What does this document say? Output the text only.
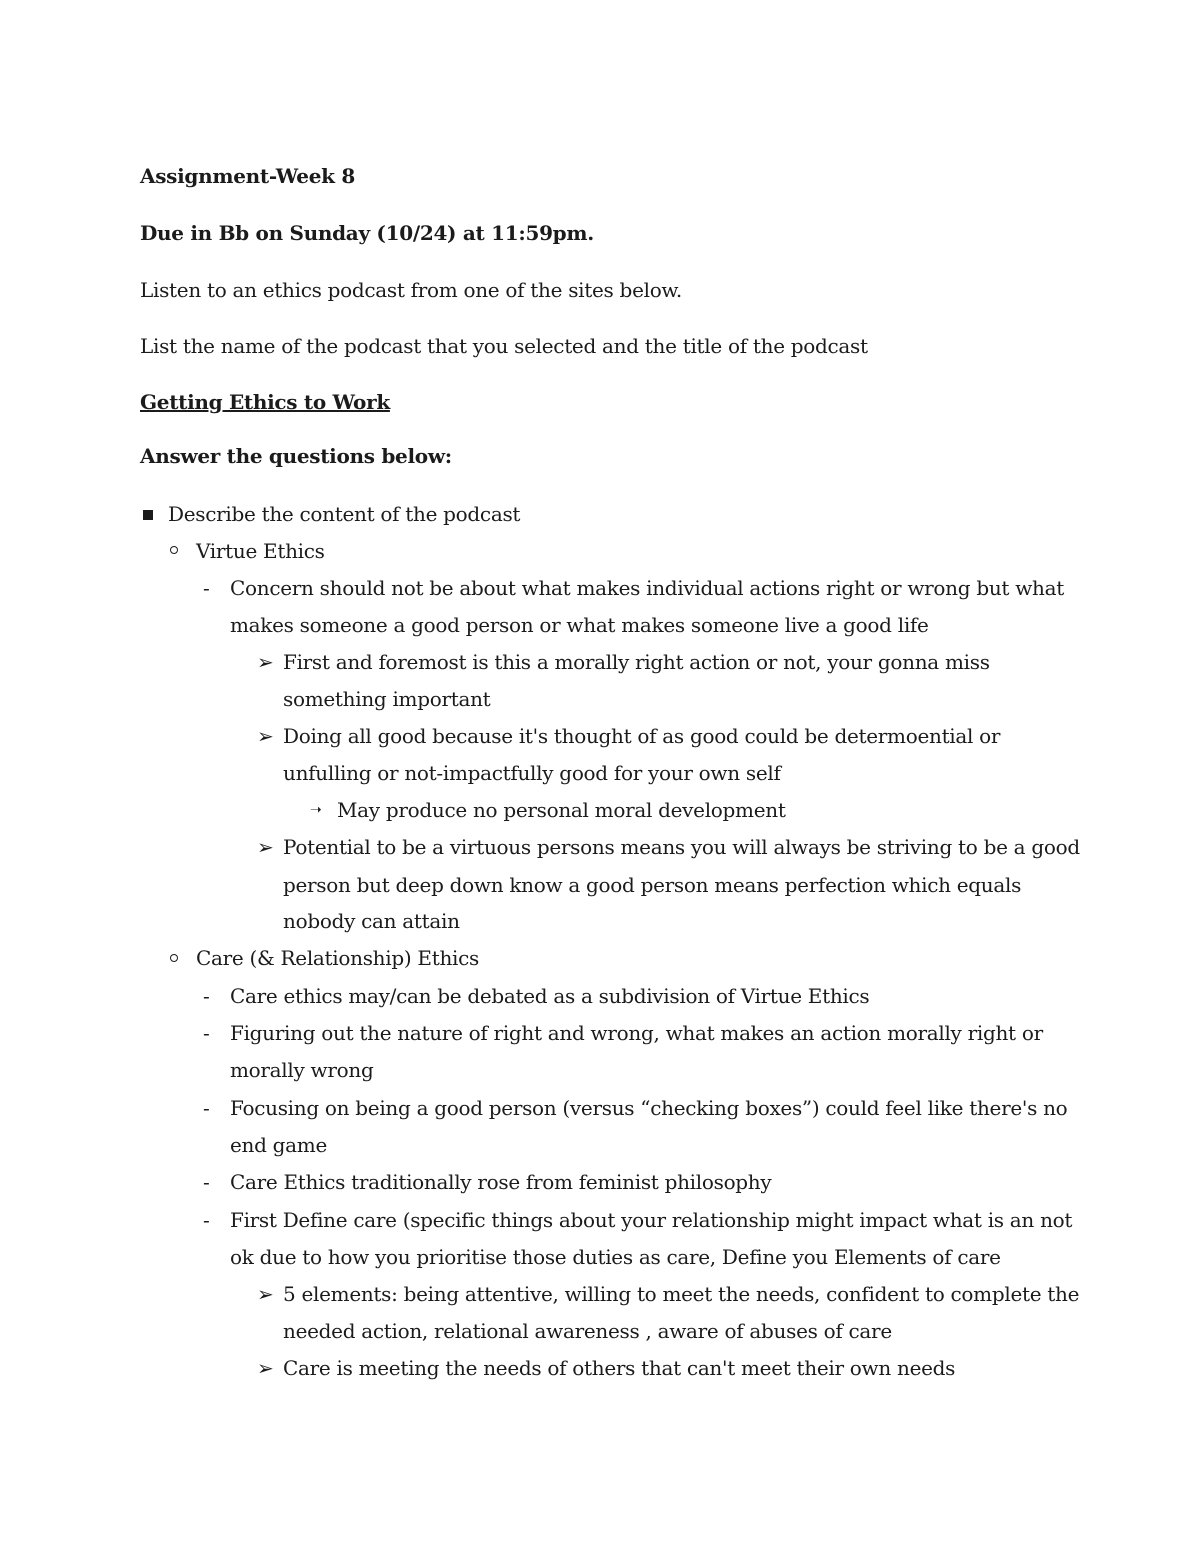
Assignment-Week 8
Due in Bb on Sunday (10/24) at 11:59pm.
Listen to an ethics podcast from one of the sites below.
List the name of the podcast that you selected and the title of the podcast
Getting Ethics to Work
Answer the questions below:
Describe the content of the podcast
Virtue Ethics
- Concern should not be about what makes individual actions right or wrong but what
makes someone a good person or what makes someone live a good life
➢ First and foremost is this a morally right action or not, your gonna miss
something important
➢ Doing all good because it's thought of as good could be determoential or
unfulling or not-impactfully good for your own self
➝ May produce no personal moral development
➢ Potential to be a virtuous persons means you will always be striving to be a good
person but deep down know a good person means perfection which equals
nobody can attain
Care (& Relationship) Ethics
- Care ethics may/can be debated as a subdivision of Virtue Ethics
- Figuring out the nature of right and wrong, what makes an action morally right or
morally wrong
- Focusing on being a good person (versus “checking boxes”) could feel like there's no
end game
- Care Ethics traditionally rose from feminist philosophy
- First Define care (specific things about your relationship might impact what is an not
ok due to how you prioritise those duties as care, Define you Elements of care
➢ 5 elements: being attentive, willing to meet the needs, confident to complete the
needed action, relational awareness , aware of abuses of care
➢ Care is meeting the needs of others that can't meet their own needs
